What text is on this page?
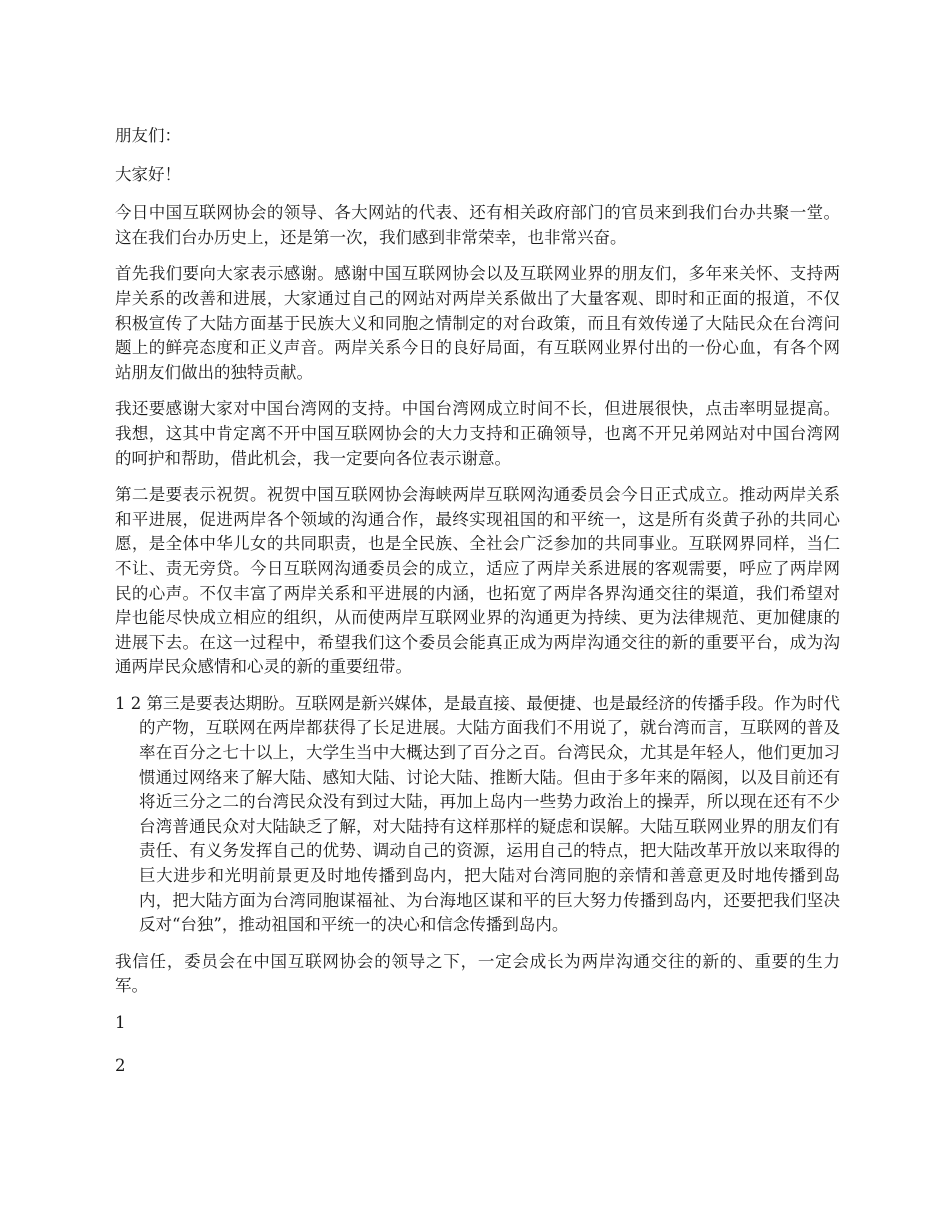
朋友们：

大家好！

今日中国互联网协会的领导、各大网站的代表、还有相关政府部门的官员来到我们台办共聚一堂。这在我们台办历史上，还是第一次，我们感到非常荣幸，也非常兴奋。

首先我们要向大家表示感谢。感谢中国互联网协会以及互联网业界的朋友们，多年来关怀、支持两岸关系的改善和进展，大家通过自己的网站对两岸关系做出了大量客观、即时和正面的报道，不仅积极宣传了大陆方面基于民族大义和同胞之情制定的对台政策，而且有效传递了大陆民众在台湾问题上的鲜亮态度和正义声音。两岸关系今日的良好局面，有互联网业界付出的一份心血，有各个网站朋友们做出的独特贡献。

我还要感谢大家对中国台湾网的支持。中国台湾网成立时间不长，但进展很快，点击率明显提高。我想，这其中肯定离不开中国互联网协会的大力支持和正确领导，也离不开兄弟网站对中国台湾网的呵护和帮助，借此机会，我一定要向各位表示谢意。

第二是要表示祝贺。祝贺中国互联网协会海峡两岸互联网沟通委员会今日正式成立。推动两岸关系和平进展，促进两岸各个领域的沟通合作，最终实现祖国的和平统一，这是所有炎黄子孙的共同心愿，是全体中华儿女的共同职责，也是全民族、全社会广泛参加的共同事业。互联网界同样，当仁不让、责无旁贷。今日互联网沟通委员会的成立，适应了两岸关系进展的客观需要，呼应了两岸网民的心声。不仅丰富了两岸关系和平进展的内涵，也拓宽了两岸各界沟通交往的渠道，我们希望对岸也能尽快成立相应的组织，从而使两岸互联网业界的沟通更为持续、更为法律规范、更加健康的进展下去。在这一过程中，希望我们这个委员会能真正成为两岸沟通交往的新的重要平台，成为沟通两岸民众感情和心灵的新的重要纽带。

1 2 第三是要表达期盼。互联网是新兴媒体，是最直接、最便捷、也是最经济的传播手段。作为时代的产物，互联网在两岸都获得了长足进展。大陆方面我们不用说了，就台湾而言，互联网的普及率在百分之七十以上，大学生当中大概达到了百分之百。台湾民众，尤其是年轻人，他们更加习惯通过网络来了解大陆、感知大陆、讨论大陆、推断大陆。但由于多年来的隔阂，以及目前还有将近三分之二的台湾民众没有到过大陆，再加上岛内一些势力政治上的操弄，所以现在还有不少台湾普通民众对大陆缺乏了解，对大陆持有这样那样的疑虑和误解。大陆互联网业界的朋友们有责任、有义务发挥自己的优势、调动自己的资源，运用自己的特点，把大陆改革开放以来取得的巨大进步和光明前景更及时地传播到岛内，把大陆对台湾同胞的亲情和善意更及时地传播到岛内，把大陆方面为台湾同胞谋福祉、为台海地区谋和平的巨大努力传播到岛内，还要把我们坚决反对“台独”，推动祖国和平统一的决心和信念传播到岛内。

我信任，委员会在中国互联网协会的领导之下，一定会成长为两岸沟通交往的新的、重要的生力军。

1

2
